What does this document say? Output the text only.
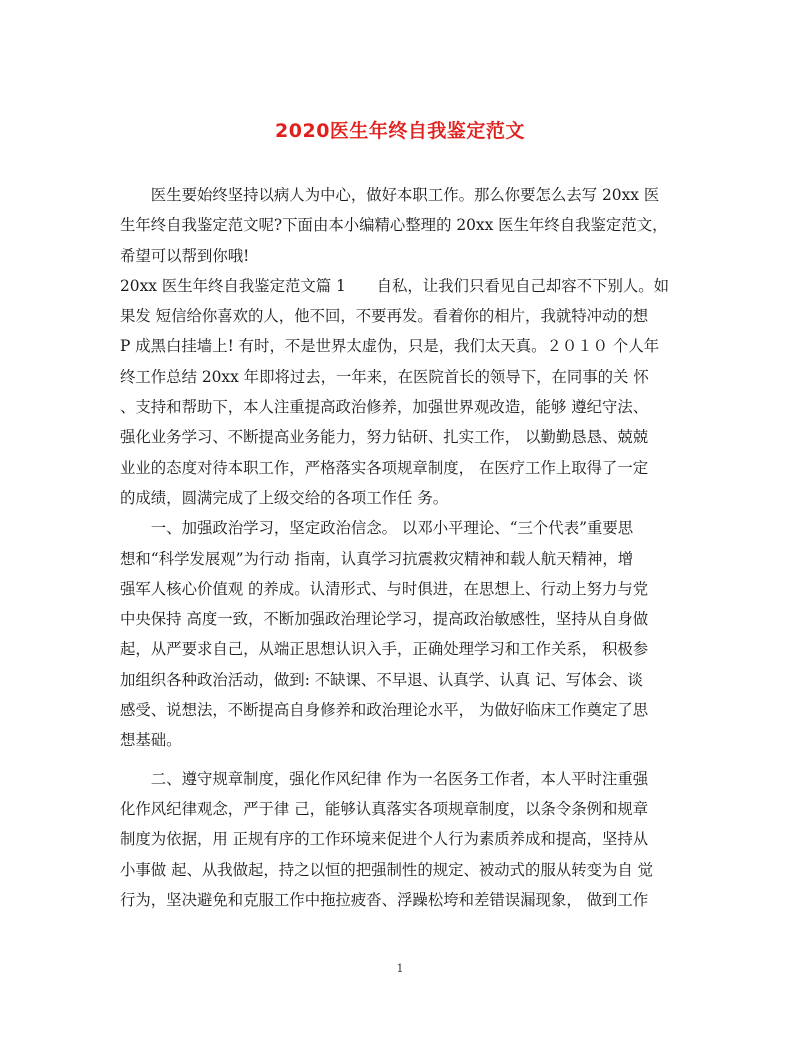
2020医生年终自我鉴定范文
　　医生要始终坚持以病人为中心，做好本职工作。那么你要怎么去写 20xx 医
生年终自我鉴定范文呢?下面由本小编精心整理的 20xx 医生年终自我鉴定范文，
希望可以帮到你哦!
20xx 医生年终自我鉴定范文篇 1　　自私，让我们只看见自己却容不下别人。如
果发 短信给你喜欢的人，他不回，不要再发。看着你的相片，我就特冲动的想
P 成黑白挂墙上! 有时，不是世界太虚伪，只是，我们太天真。２０１０ 个人年
终工作总结 20xx 年即将过去，一年来，在医院首长的领导下，在同事的关 怀
、支持和帮助下，本人注重提高政治修养，加强世界观改造，能够 遵纪守法、
强化业务学习、不断提高业务能力，努力钻研、扎实工作， 以勤勤恳恳、兢兢
业业的态度对待本职工作，严格落实各项规章制度， 在医疗工作上取得了一定
的成绩，圆满完成了上级交给的各项工作任 务。
　　一、加强政治学习，坚定政治信念。 以邓小平理论、“三个代表”重要思
想和“科学发展观”为行动 指南，认真学习抗震救灾精神和载人航天精神，增
强军人核心价值观 的养成。认清形式、与时俱进，在思想上、行动上努力与党
中央保持 高度一致，不断加强政治理论学习，提高政治敏感性，坚持从自身做
起，从严要求自己，从端正思想认识入手，正确处理学习和工作关系， 积极参
加组织各种政治活动，做到: 不缺课、不早退、认真学、认真 记、写体会、谈
感受、说想法，不断提高自身修养和政治理论水平， 为做好临床工作奠定了思
想基础。
　　二、遵守规章制度，强化作风纪律 作为一名医务工作者，本人平时注重强
化作风纪律观念，严于律 己，能够认真落实各项规章制度，以条令条例和规章
制度为依据，用 正规有序的工作环境来促进个人行为素质养成和提高，坚持从
小事做 起、从我做起，持之以恒的把强制性的规定、被动式的服从转变为自 觉
行为，坚决避免和克服工作中拖拉疲沓、浮躁松垮和差错误漏现象， 做到工作
1
